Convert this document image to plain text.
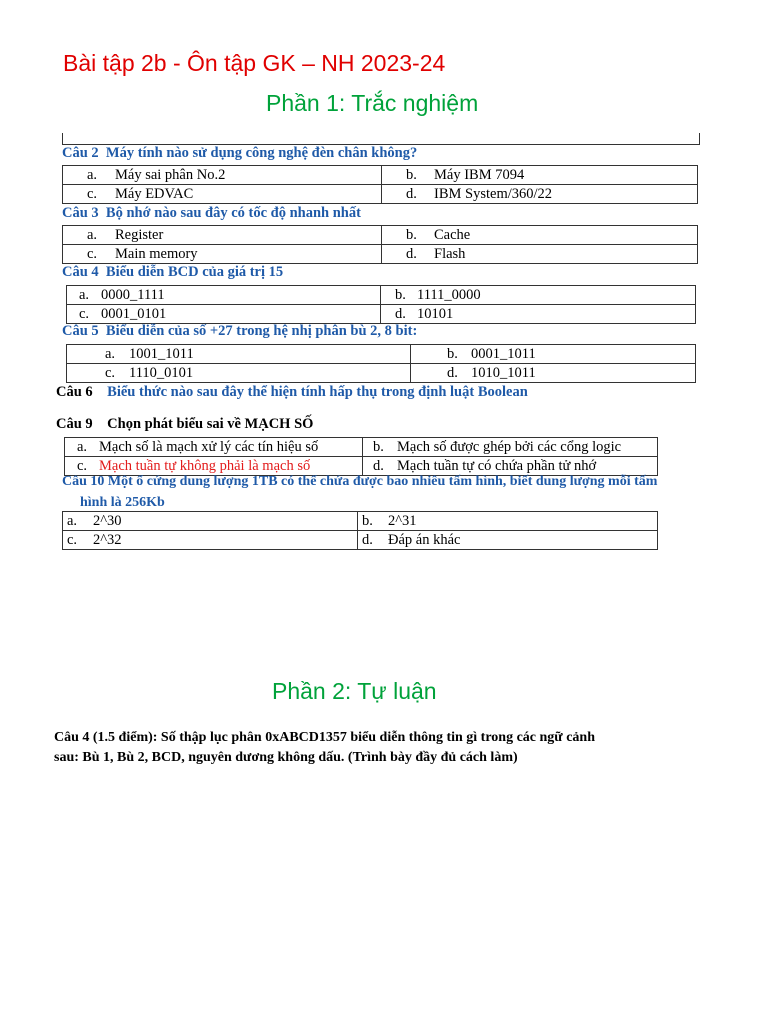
Bài tập 2b - Ôn tập GK – NH 2023-24
Phần 1: Trắc nghiệm
Câu 2 Máy tính nào sử dụng công nghệ đèn chân không?
a. Máy sai phân No.2	b. Máy IBM 7094
c. Máy EDVAC	d. IBM System/360/22
Câu 3 Bộ nhớ nào sau đây có tốc độ nhanh nhất
a. Register	b. Cache
c. Main memory	d. Flash
Câu 4 Biểu diễn BCD của giá trị 15
a. 0000_1111	b. 1111_0000
c. 0001_0101	d. 10101
Câu 5 Biểu diễn của số +27 trong hệ nhị phân bù 2, 8 bit:
a. 1001_1011	b. 0001_1011
c. 1110_0101	d. 1010_1011
Câu 6 Biểu thức nào sau đây thể hiện tính hấp thụ trong định luật Boolean
Câu 9 Chọn phát biểu sai về MẠCH SỐ
a. Mạch số là mạch xử lý các tín hiệu số	b. Mạch số được ghép bởi các cổng logic
c. Mạch tuần tự không phải là mạch số	d. Mạch tuần tự có chứa phần tử nhớ
Câu 10 Một ổ cứng dung lượng 1TB có thể chứa được bao nhiêu tấm hình, biết dung lượng mỗi tấm
hình là 256Kb
a. 2^30	b. 2^31
c. 2^32	d. Đáp án khác
Phần 2: Tự luận
Câu 4 (1.5 điểm): Số thập lục phân 0xABCD1357 biểu diễn thông tin gì trong các ngữ cảnh
sau: Bù 1, Bù 2, BCD, nguyên dương không dấu. (Trình bày đầy đủ cách làm)
